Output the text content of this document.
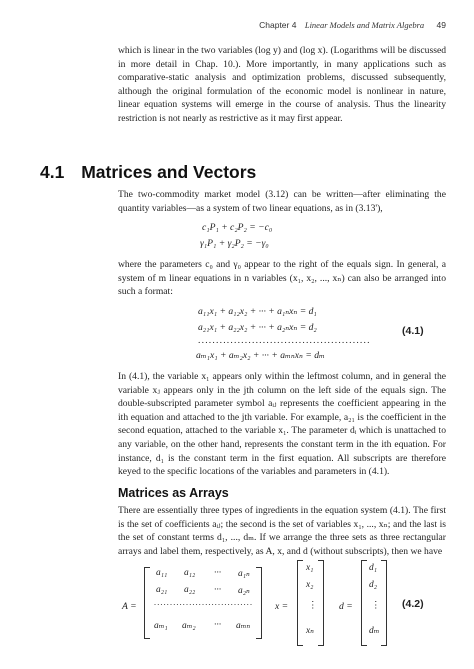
Chapter 4 Linear Models and Matrix Algebra 49

which is linear in the two variables (log y) and (log x). (Logarithms will be discussed in more detail in Chap. 10.). More importantly, in many applications such as comparative-static analysis and optimization problems, discussed subsequently, although the original formulation of the economic model is nonlinear in nature, linear equation systems will emerge in the course of analysis. Thus the linearity restriction is not nearly as restrictive as it may first appear.

4.1 Matrices and Vectors

The two-commodity market model (3.12) can be written—after eliminating the quantity variables—as a system of two linear equations, as in (3.13'),

c₁P₁ + c₂P₂ = −c₀
γ₁P₁ + γ₂P₂ = −γ₀

where the parameters c₀ and γ₀ appear to the right of the equals sign. In general, a system of m linear equations in n variables (x₁, x₂, ..., xₙ) can also be arranged into such a format:

a₁₁x₁ + a₁₂x₂ + ··· + a₁ₙxₙ = d₁
a₂₁x₁ + a₂₂x₂ + ··· + a₂ₙxₙ = d₂
................................................
aₘ₁x₁ + aₘ₂x₂ + ··· + aₘₙxₙ = dₘ
(4.1)

In (4.1), the variable x₁ appears only within the leftmost column, and in general the variable xⱼ appears only in the jth column on the left side of the equals sign. The double-subscripted parameter symbol aᵢⱼ represents the coefficient appearing in the ith equation and attached to the jth variable. For example, a₂₁ is the coefficient in the second equation, attached to the variable x₁. The parameter dᵢ which is unattached to any variable, on the other hand, represents the constant term in the ith equation. For instance, d₁ is the constant term in the first equation. All subscripts are therefore keyed to the specific locations of the variables and parameters in (4.1).

Matrices as Arrays

There are essentially three types of ingredients in the equation system (4.1). The first is the set of coefficients aᵢⱼ; the second is the set of variables x₁, ..., xₙ; and the last is the set of constant terms d₁, ..., dₘ. If we arrange the three sets as three rectangular arrays and label them, respectively, as A, x, and d (without subscripts), then we have

A =
a₁₁ a₁₂ ··· a₁ₙ
a₂₁ a₂₂ ··· a₂ₙ
...............................
aₘ₁ aₘ₂ ··· aₘₙ
x =
x₁
x₂
⋮
xₙ
d =
d₁
d₂
⋮
dₘ
(4.2)
